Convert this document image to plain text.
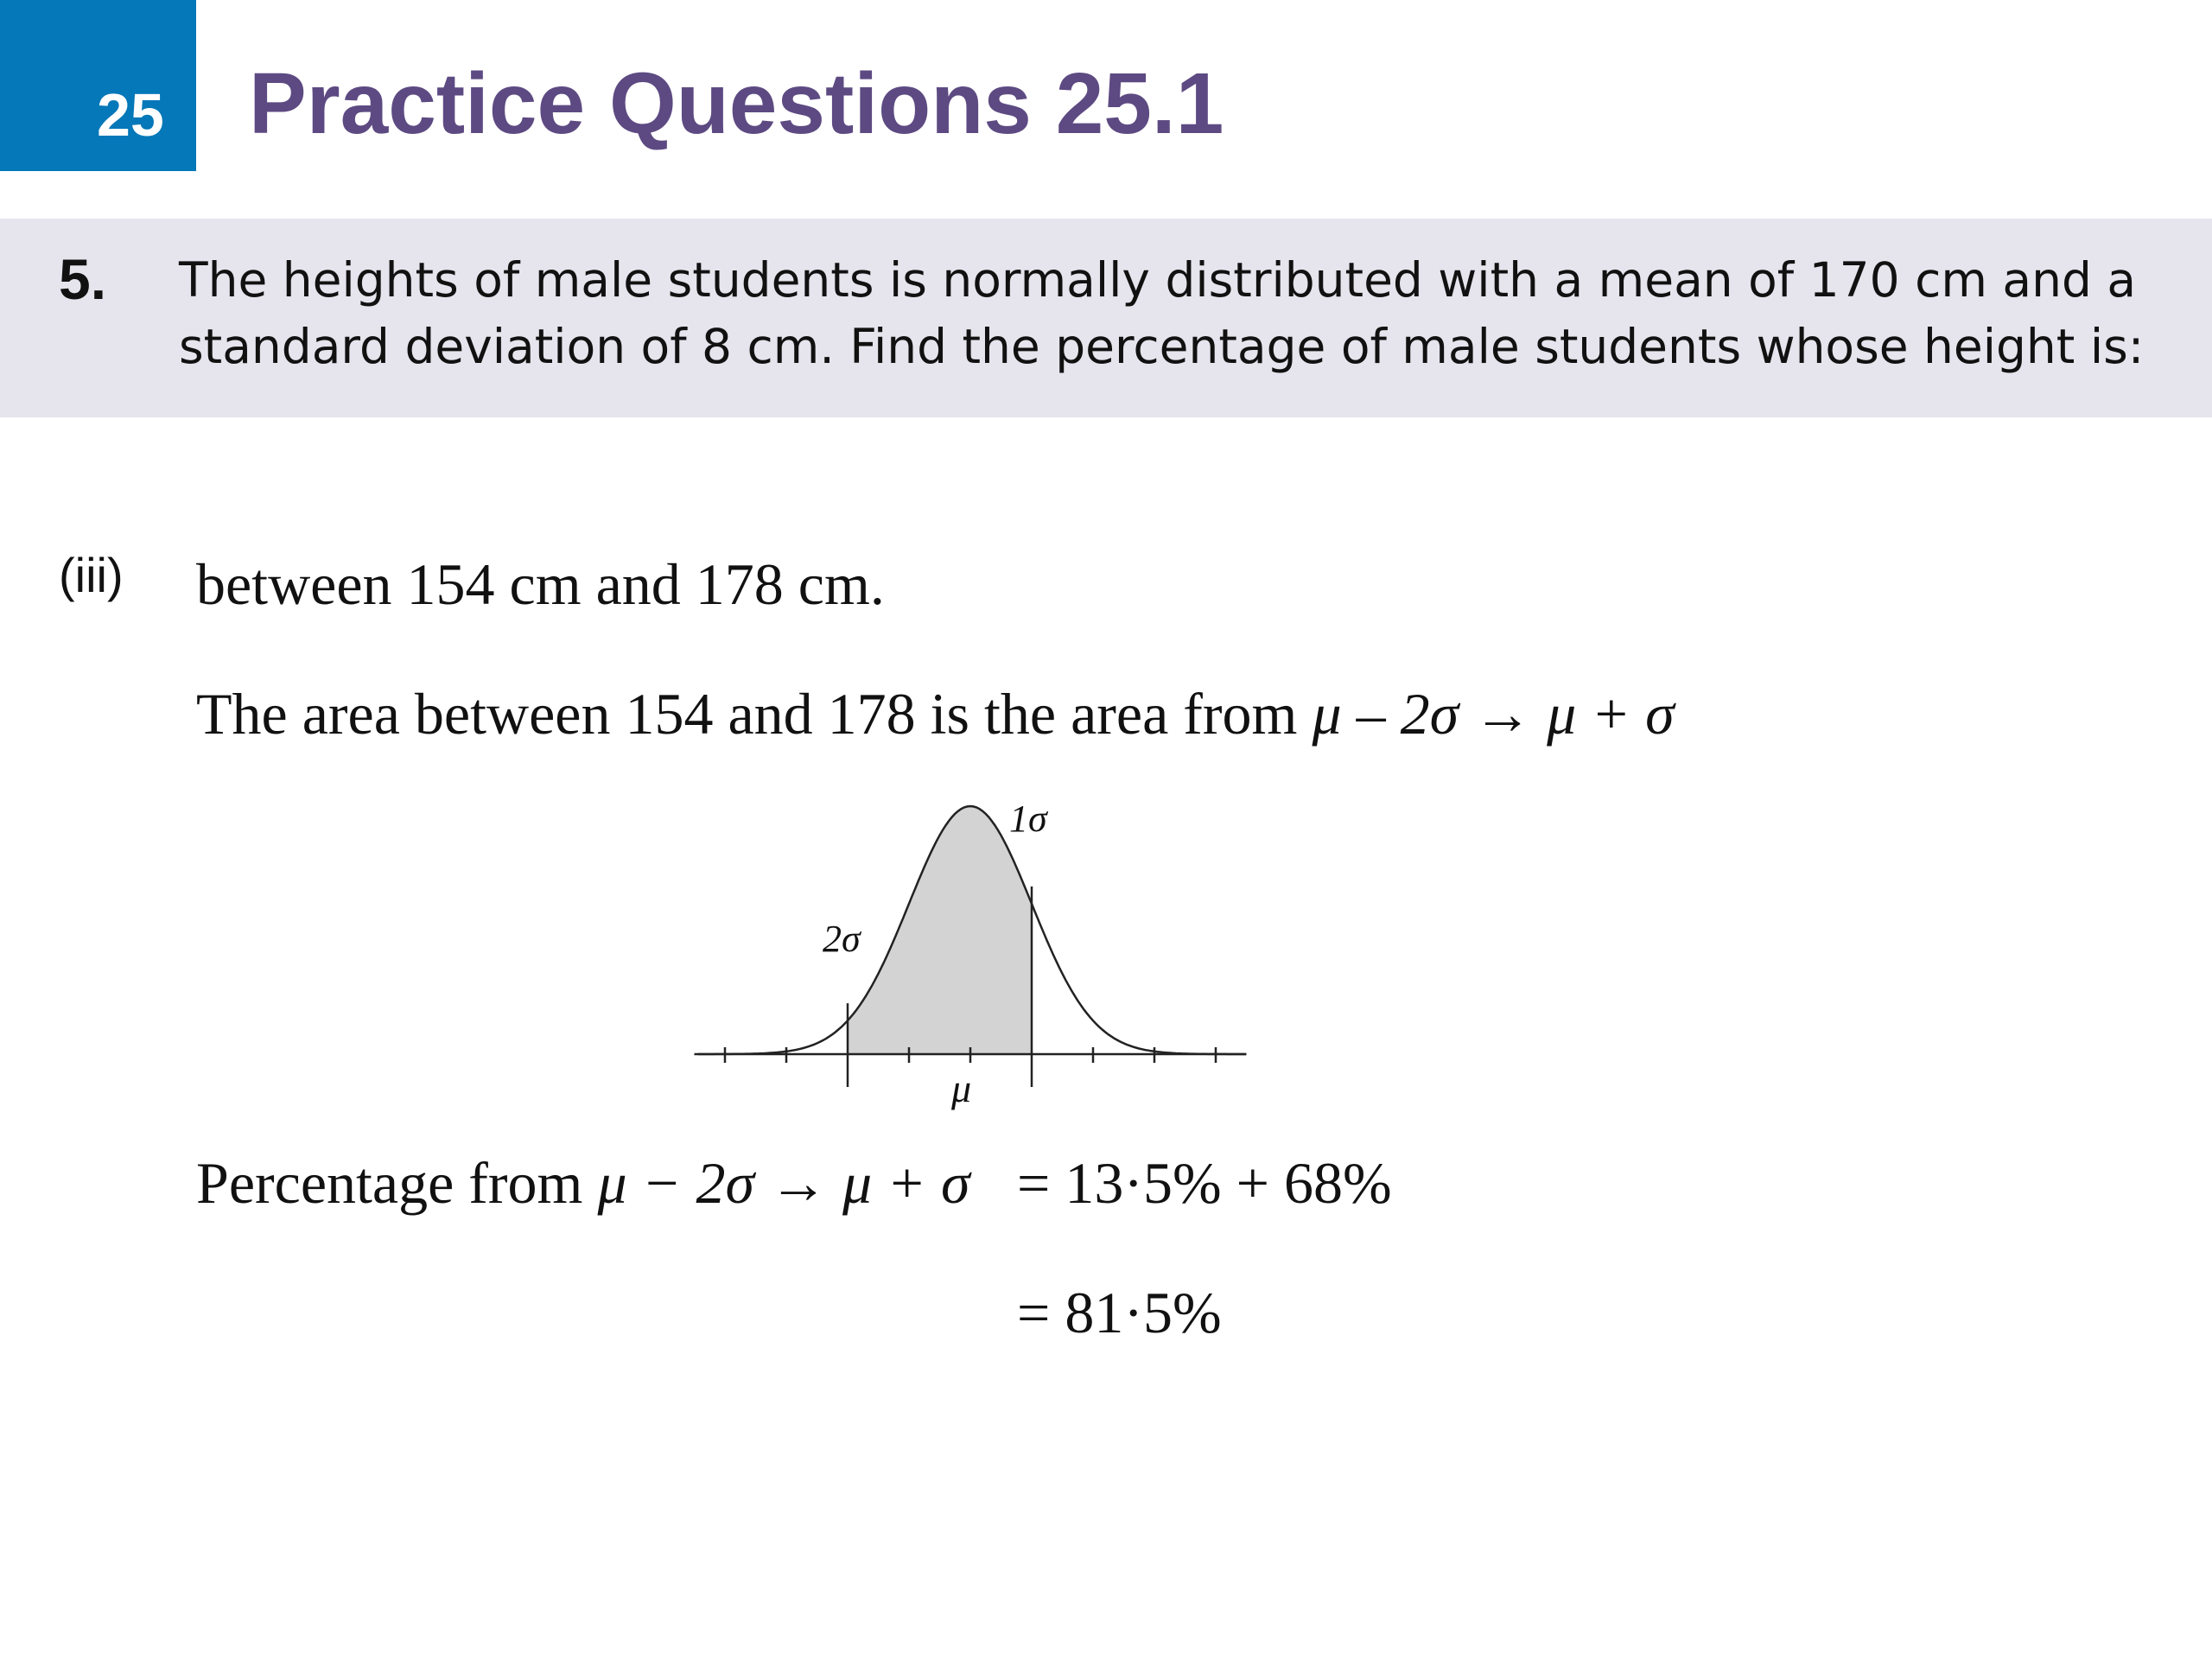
25 Practice Questions 25.1
5. The heights of male students is normally distributed with a mean of 170 cm and a
standard deviation of 8 cm. Find the percentage of male students whose height is:
(iii) between 154 cm and 178 cm.
The area between 154 and 178 is the area from μ – 2σ → μ + σ
1σ
2σ
μ
Percentage from μ − 2σ → μ + σ = 13·5% + 68%
= 81·5%
